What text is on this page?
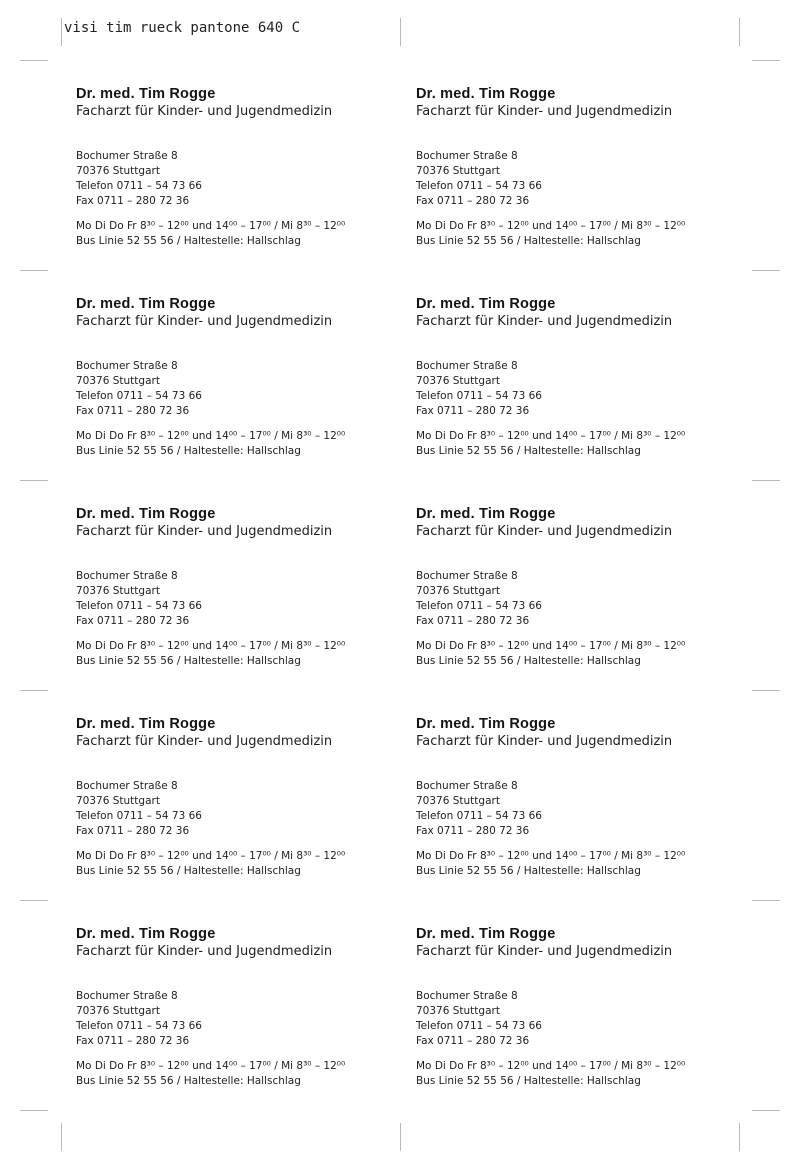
visi tim rueck pantone 640 C
Dr. med. Tim Rogge
Facharzt für Kinder- und Jugendmedizin
Bochumer Straße 8
70376 Stuttgart
Telefon 0711 – 54 73 66
Fax 0711 – 280 72 36
Mo Di Do Fr 8³⁰ – 12⁰⁰ und 14⁰⁰ – 17⁰⁰ / Mi 8³⁰ – 12⁰⁰
Bus Linie 52 55 56 / Haltestelle: Hallschlag
Dr. med. Tim Rogge
Facharzt für Kinder- und Jugendmedizin
Bochumer Straße 8
70376 Stuttgart
Telefon 0711 – 54 73 66
Fax 0711 – 280 72 36
Mo Di Do Fr 8³⁰ – 12⁰⁰ und 14⁰⁰ – 17⁰⁰ / Mi 8³⁰ – 12⁰⁰
Bus Linie 52 55 56 / Haltestelle: Hallschlag
Dr. med. Tim Rogge
Facharzt für Kinder- und Jugendmedizin
Bochumer Straße 8
70376 Stuttgart
Telefon 0711 – 54 73 66
Fax 0711 – 280 72 36
Mo Di Do Fr 8³⁰ – 12⁰⁰ und 14⁰⁰ – 17⁰⁰ / Mi 8³⁰ – 12⁰⁰
Bus Linie 52 55 56 / Haltestelle: Hallschlag
Dr. med. Tim Rogge
Facharzt für Kinder- und Jugendmedizin
Bochumer Straße 8
70376 Stuttgart
Telefon 0711 – 54 73 66
Fax 0711 – 280 72 36
Mo Di Do Fr 8³⁰ – 12⁰⁰ und 14⁰⁰ – 17⁰⁰ / Mi 8³⁰ – 12⁰⁰
Bus Linie 52 55 56 / Haltestelle: Hallschlag
Dr. med. Tim Rogge
Facharzt für Kinder- und Jugendmedizin
Bochumer Straße 8
70376 Stuttgart
Telefon 0711 – 54 73 66
Fax 0711 – 280 72 36
Mo Di Do Fr 8³⁰ – 12⁰⁰ und 14⁰⁰ – 17⁰⁰ / Mi 8³⁰ – 12⁰⁰
Bus Linie 52 55 56 / Haltestelle: Hallschlag
Dr. med. Tim Rogge
Facharzt für Kinder- und Jugendmedizin
Bochumer Straße 8
70376 Stuttgart
Telefon 0711 – 54 73 66
Fax 0711 – 280 72 36
Mo Di Do Fr 8³⁰ – 12⁰⁰ und 14⁰⁰ – 17⁰⁰ / Mi 8³⁰ – 12⁰⁰
Bus Linie 52 55 56 / Haltestelle: Hallschlag
Dr. med. Tim Rogge
Facharzt für Kinder- und Jugendmedizin
Bochumer Straße 8
70376 Stuttgart
Telefon 0711 – 54 73 66
Fax 0711 – 280 72 36
Mo Di Do Fr 8³⁰ – 12⁰⁰ und 14⁰⁰ – 17⁰⁰ / Mi 8³⁰ – 12⁰⁰
Bus Linie 52 55 56 / Haltestelle: Hallschlag
Dr. med. Tim Rogge
Facharzt für Kinder- und Jugendmedizin
Bochumer Straße 8
70376 Stuttgart
Telefon 0711 – 54 73 66
Fax 0711 – 280 72 36
Mo Di Do Fr 8³⁰ – 12⁰⁰ und 14⁰⁰ – 17⁰⁰ / Mi 8³⁰ – 12⁰⁰
Bus Linie 52 55 56 / Haltestelle: Hallschlag
Dr. med. Tim Rogge
Facharzt für Kinder- und Jugendmedizin
Bochumer Straße 8
70376 Stuttgart
Telefon 0711 – 54 73 66
Fax 0711 – 280 72 36
Mo Di Do Fr 8³⁰ – 12⁰⁰ und 14⁰⁰ – 17⁰⁰ / Mi 8³⁰ – 12⁰⁰
Bus Linie 52 55 56 / Haltestelle: Hallschlag
Dr. med. Tim Rogge
Facharzt für Kinder- und Jugendmedizin
Bochumer Straße 8
70376 Stuttgart
Telefon 0711 – 54 73 66
Fax 0711 – 280 72 36
Mo Di Do Fr 8³⁰ – 12⁰⁰ und 14⁰⁰ – 17⁰⁰ / Mi 8³⁰ – 12⁰⁰
Bus Linie 52 55 56 / Haltestelle: Hallschlag
